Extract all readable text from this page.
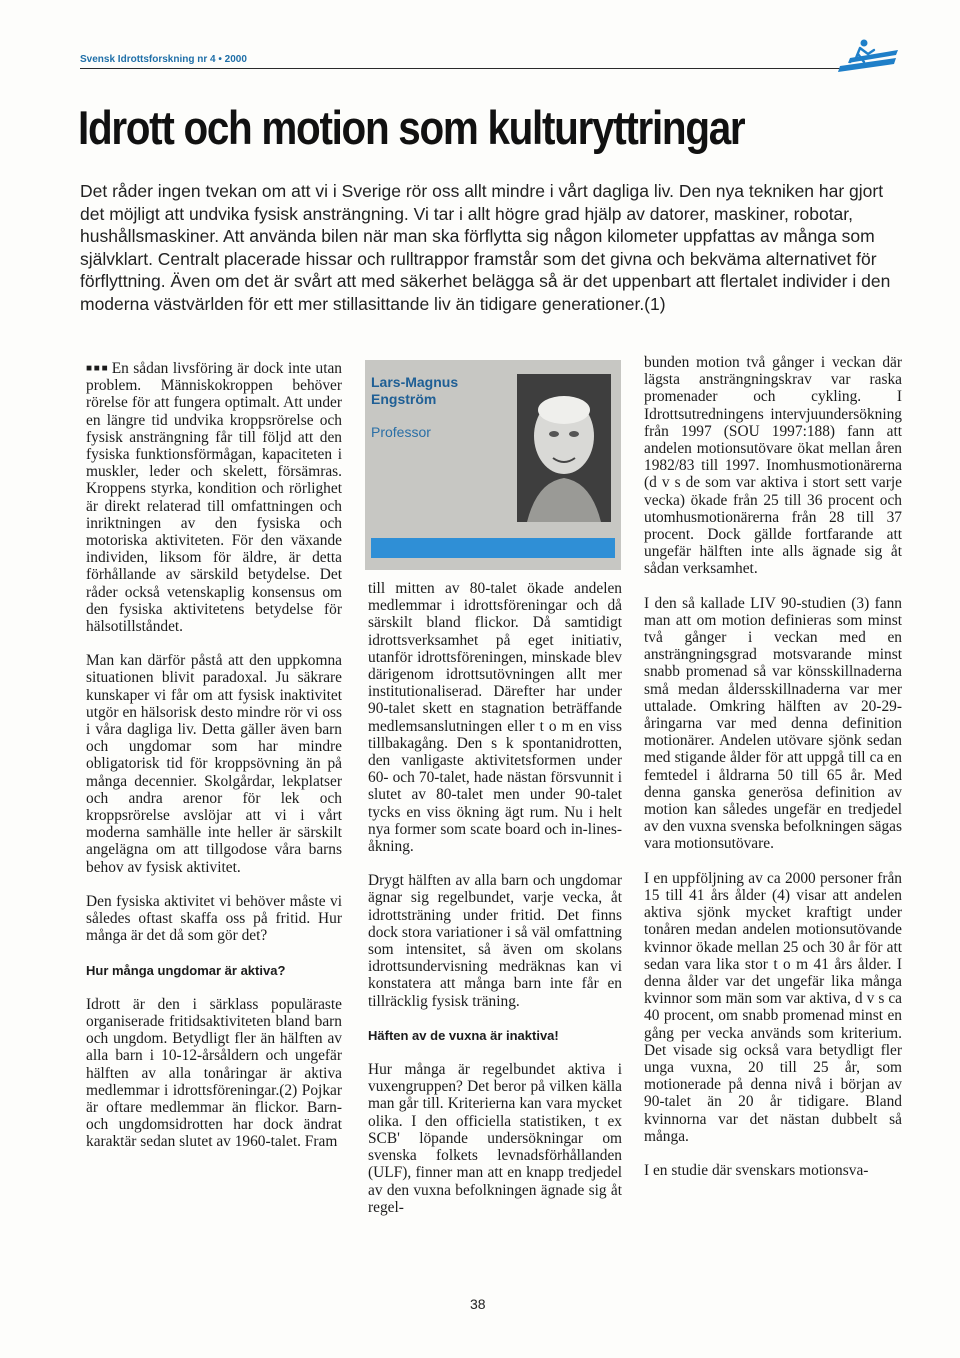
Svensk Idrottsforskning nr 4 • 2000
Idrott och motion som kulturyttringar
Det råder ingen tvekan om att vi i Sverige rör oss allt mindre i vårt dagliga liv. Den nya tekniken har gjort det möjligt att undvika fysisk ansträngning. Vi tar i allt högre grad hjälp av datorer, maskiner, robotar, hushållsmaskiner. Att använda bilen när man ska förflytta sig någon kilometer uppfattas av många som självklart. Centralt placerade hissar och rulltrappor framstår som det givna och bekväma alternativet för förflyttning. Även om det är svårt att med säkerhet belägga så är det uppenbart att flertalet individer i den moderna västvärlden för ett mer stillasittande liv än tidigare generationer.(1)

■ ■ ■ En sådan livsföring är dock inte utan problem. Människokroppen behöver rörelse för att fungera optimalt. Att under en längre tid undvika kroppsrörelse och fysisk ansträngning får till följd att den fysiska funktionsförmågan, kapaciteten i muskler, leder och skelett, försämras. Kroppens styrka, kondition och rörlighet är direkt relaterad till omfattningen och inriktningen av den fysiska och motoriska aktiviteten. För den växande individen, liksom för äldre, är detta förhållande av särskild betydelse. Det råder också vetenskaplig konsensus om den fysiska aktivitetens betydelse för hälsotillståndet.

Man kan därför påstå att den uppkomna situationen blivit paradoxal. Ju säkrare kunskaper vi får om att fysisk inaktivitet utgör en hälsorisk desto mindre rör vi oss i våra dagliga liv. Detta gäller även barn och ungdomar som har mindre obligatorisk tid för kroppsövning än på många decennier. Skolgårdar, lekplatser och andra arenor för lek och kroppsrörelse avslöjar att vi i vårt moderna samhälle inte heller är särskilt angelägna om att tillgodose våra barns behov av fysisk aktivitet.

Den fysiska aktivitet vi behöver måste vi således oftast skaffa oss på fritid. Hur många är det då som gör det?

Hur många ungdomar är aktiva?

Idrott är den i särklass populäraste organiserade fritidsaktiviteten bland barn och ungdom. Betydligt fler än hälften av alla barn i 10-12-årsåldern och ungefär hälften av alla tonåringar är aktiva medlemmar i idrottsföreningar.(2) Pojkar är oftare medlemmar än flickor. Barn- och ungdomsidrotten har dock ändrat karaktär sedan slutet av 1960-talet. Fram

Lars-Magnus Engström
Professor

till mitten av 80-talet ökade andelen medlemmar i idrottsföreningar och då särskilt bland flickor. Då samtidigt idrottsverksamhet på eget initiativ, utanför idrottsföreningen, minskade blev därigenom idrottsutövningen allt mer institutionaliserad. Därefter har under 90-talet skett en stagnation beträffande medlemsanslutningen eller t o m en viss tillbakagång. Den s k spontanidrotten, den vanligaste aktivitetsformen under 60- och 70-talet, hade nästan försvunnit i slutet av 80-talet men under 90-talet tycks en viss ökning ägt rum. Nu i helt nya former som scate board och in-lines-åkning.

Drygt hälften av alla barn och ungdomar ägnar sig regelbundet, varje vecka, åt idrottsträning under fritid. Det finns dock stora variationer i så väl omfattning som intensitet, så även om skolans idrottsundervisning medräknas kan vi konstatera att många barn inte får en tillräcklig fysisk träning.

Häften av de vuxna är inaktiva!

Hur många är regelbundet aktiva i vuxengruppen? Det beror på vilken källa man går till. Kriterierna kan vara mycket olika. I den officiella statistiken, t ex SCB' löpande undersökningar om svenska folkets levnadsförhållanden (ULF), finner man att en knapp tredjedel av den vuxna befolkningen ägnade sig åt regel-

bunden motion två gånger i veckan där lägsta ansträngningskrav var raska promenader och cykling. I Idrottsutredningens intervjuundersökning från 1997 (SOU 1997:188) fann att andelen motionsutövare ökat mellan åren 1982/83 till 1997. Inomhusmotionärerna (d v s de som var aktiva i stort sett varje vecka) ökade från 25 till 36 procent och utomhusmotionärerna från 28 till 37 procent. Dock gällde fortfarande att ungefär hälften inte alls ägnade sig åt sådan verksamhet.

I den så kallade LIV 90-studien (3) fann man att om motion definieras som minst två gånger i veckan med en ansträngningsgrad motsvarande minst snabb promenad så var könsskillnaderna små medan åldersskillnaderna var mer uttalade. Omkring hälften av 20-29-åringarna var med denna definition motionärer. Andelen utövare sjönk sedan med stigande ålder för att uppgå till ca en femtedel i åldrarna 50 till 65 år. Med denna ganska generösa definition av motion kan således ungefär en tredjedel av den vuxna svenska befolkningen sägas vara motionsutövare.

I en uppföljning av ca 2000 personer från 15 till 41 års ålder (4) visar att andelen aktiva sjönk mycket kraftigt under tonåren medan andelen motionsutövande kvinnor ökade mellan 25 och 30 år för att sedan vara lika stor t o m 41 års ålder. I denna ålder var det ungefär lika många kvinnor som män som var aktiva, d v s ca 40 procent, om snabb promenad minst en gång per vecka används som kriterium. Det visade sig också vara betydligt fler unga vuxna, 20 till 25 år, som motionerade på denna nivå i början av 90-talet än 20 år tidigare. Bland kvinnorna var det nästan dubbelt så många.

I en studie där svenskars motionsva-

38
